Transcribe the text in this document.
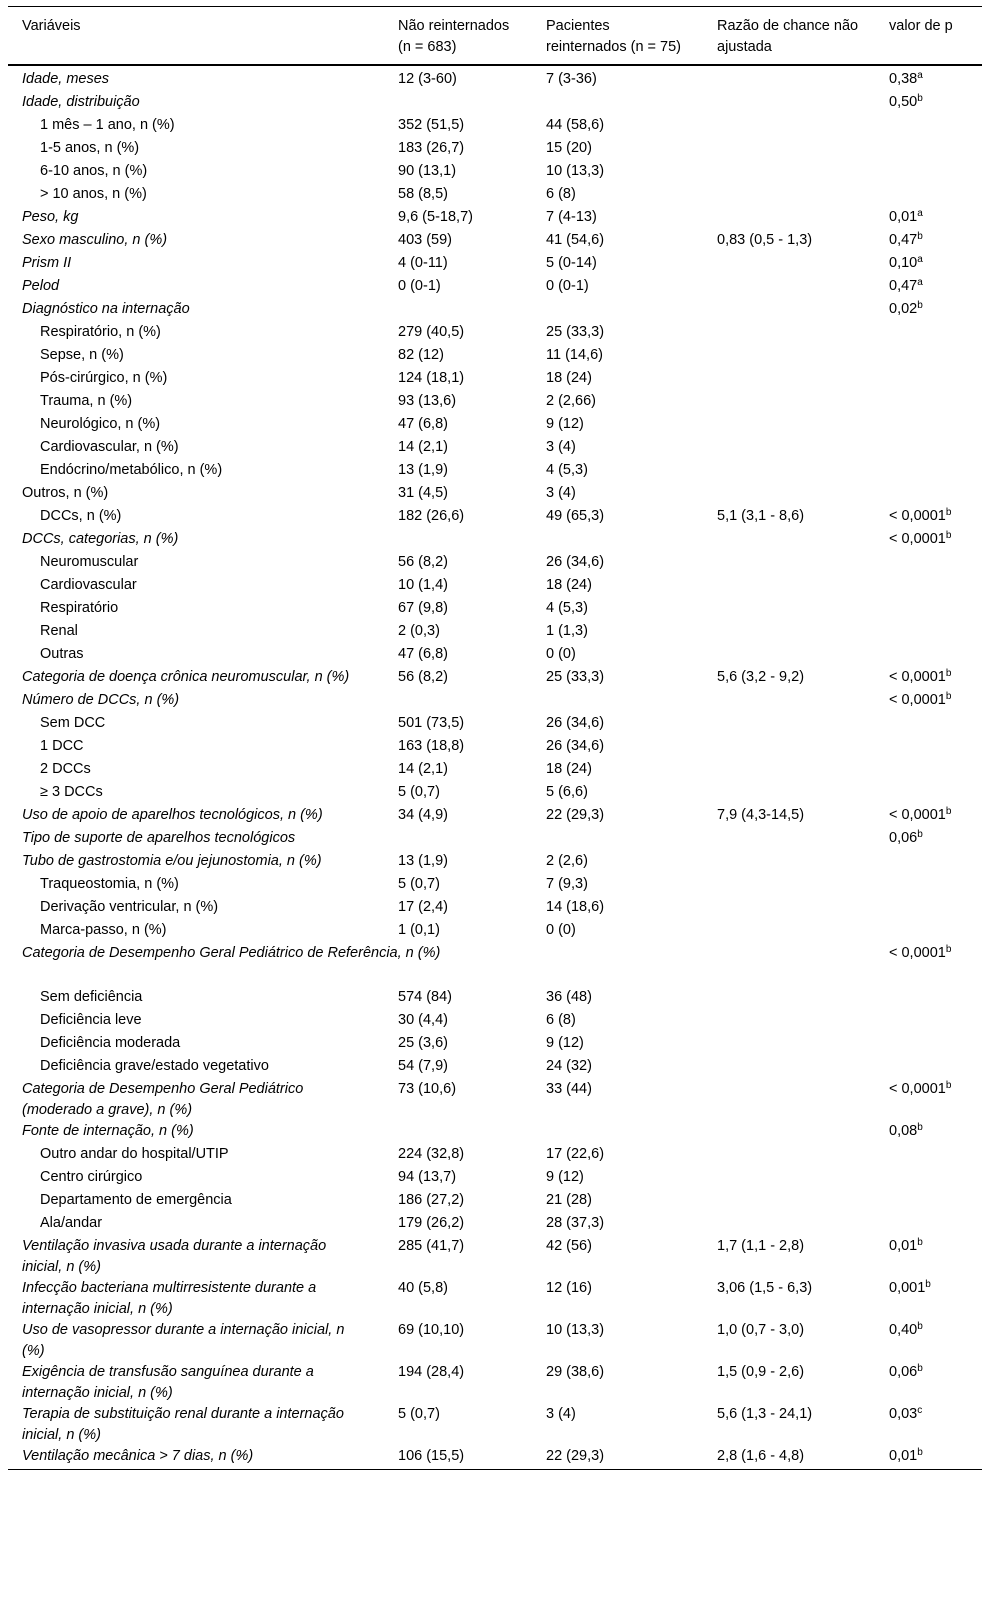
Variáveis	Não reinternados (n = 683)	Pacientes reinternados (n = 75)	Razão de chance não ajustada	valor de p
Idade, meses	12 (3-60)	7 (3-36)		0,38$^a$
Idade, distribuição				0,50$^b$
1 mês – 1 ano, n (%)	352 (51,5)	44 (58,6)		
1-5 anos, n (%)	183 (26,7)	15 (20)		
6-10 anos, n (%)	90 (13,1)	10 (13,3)		
> 10 anos, n (%)	58 (8,5)	6 (8)		
Peso, kg	9,6 (5-18,7)	7 (4-13)		0,01$^a$
Sexo masculino, n (%)	403 (59)	41 (54,6)	0,83 (0,5 - 1,3)	0,47$^b$
Prism II	4 (0-11)	5 (0-14)		0,10$^a$
Pelod	0 (0-1)	0 (0-1)		0,47$^a$
Diagnóstico na internação				0,02$^b$
Respiratório, n (%)	279 (40,5)	25 (33,3)		
Sepse, n (%)	82 (12)	11 (14,6)		
Pós-cirúrgico, n (%)	124 (18,1)	18 (24)		
Trauma, n (%)	93 (13,6)	2 (2,66)		
Neurológico, n (%)	47 (6,8)	9 (12)		
Cardiovascular, n (%)	14 (2,1)	3 (4)		
Endócrino/metabólico, n (%)	13 (1,9)	4 (5,3)		
Outros, n (%)	31 (4,5)	3 (4)		
DCCs, n (%)	182 (26,6)	49 (65,3)	5,1 (3,1 - 8,6)	< 0,0001$^b$
DCCs, categorias, n (%)				< 0,0001$^b$
Neuromuscular	56 (8,2)	26 (34,6)		
Cardiovascular	10 (1,4)	18 (24)		
Respiratório	67 (9,8)	4 (5,3)		
Renal	2 (0,3)	1 (1,3)		
Outras	47 (6,8)	0 (0)		
Categoria de doença crônica neuromuscular, n (%)	56 (8,2)	25 (33,3)	5,6 (3,2 - 9,2)	< 0,0001$^b$
Número de DCCs, n (%)				< 0,0001$^b$
Sem DCC	501 (73,5)	26 (34,6)		
1 DCC	163 (18,8)	26 (34,6)		
2 DCCs	14 (2,1)	18 (24)		
≥ 3 DCCs	5 (0,7)	5 (6,6)		
Uso de apoio de aparelhos tecnológicos, n (%)	34 (4,9)	22 (29,3)	7,9 (4,3-14,5)	< 0,0001$^b$
Tipo de suporte de aparelhos tecnológicos				0,06$^b$
Tubo de gastrostomia e/ou jejunostomia, n (%)	13 (1,9)	2 (2,6)		
Traqueostomia, n (%)	5 (0,7)	7 (9,3)		
Derivação ventricular, n (%)	17 (2,4)	14 (18,6)		
Marca-passo, n (%)	1 (0,1)	0 (0)		
Categoria de Desempenho Geral Pediátrico de Referência, n (%)				< 0,0001$^b$
Sem deficiência	574 (84)	36 (48)		
Deficiência leve	30 (4,4)	6 (8)		
Deficiência moderada	25 (3,6)	9 (12)		
Deficiência grave/estado vegetativo	54 (7,9)	24 (32)		
Categoria de Desempenho Geral Pediátrico (moderado a grave), n (%)	73 (10,6)	33 (44)		< 0,0001$^b$
Fonte de internação, n (%)				0,08$^b$
Outro andar do hospital/UTIP	224 (32,8)	17 (22,6)		
Centro cirúrgico	94 (13,7)	9 (12)		
Departamento de emergência	186 (27,2)	21 (28)		
Ala/andar	179 (26,2)	28 (37,3)		
Ventilação invasiva usada durante a internação inicial, n (%)	285 (41,7)	42 (56)	1,7 (1,1 - 2,8)	0,01$^b$
Infecção bacteriana multirresistente durante a internação inicial, n (%)	40 (5,8)	12 (16)	3,06 (1,5 - 6,3)	0,001$^b$
Uso de vasopressor durante a internação inicial, n (%)	69 (10,10)	10 (13,3)	1,0 (0,7 - 3,0)	0,40$^b$
Exigência de transfusão sanguínea durante a internação inicial, n (%)	194 (28,4)	29 (38,6)	1,5 (0,9 - 2,6)	0,06$^b$
Terapia de substituição renal durante a internação inicial, n (%)	5 (0,7)	3 (4)	5,6 (1,3 - 24,1)	0,03$^c$
Ventilação mecânica > 7 dias, n (%)	106 (15,5)	22 (29,3)	2,8 (1,6 - 4,8)	0,01$^b$
